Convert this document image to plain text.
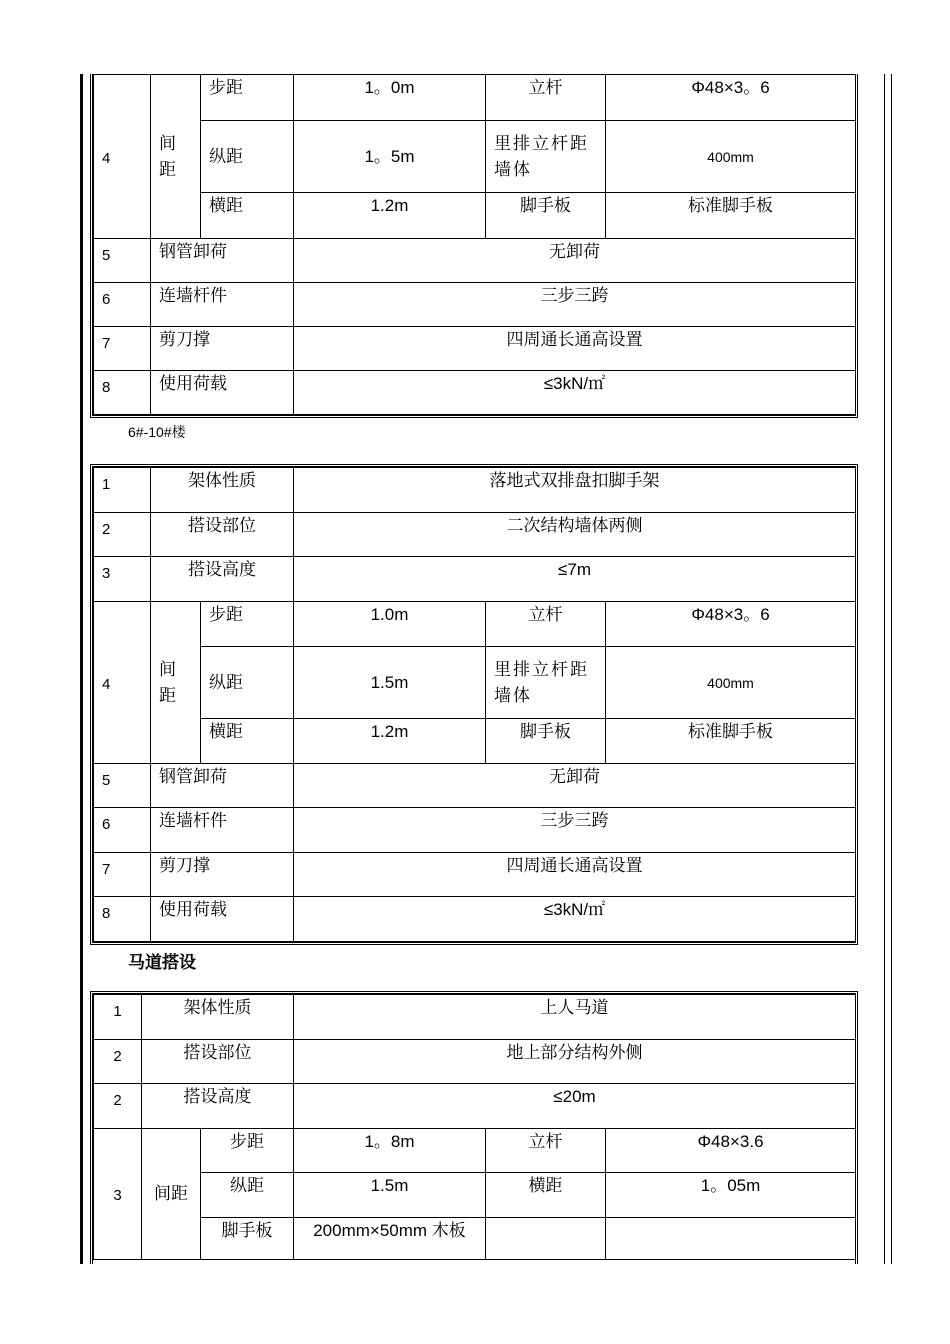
4	间距	步距	1。0m	立杆	Φ48×3。6
		纵距	1。5m	里排立杆距墙体	400mm
		横距	1.2m	脚手板	标准脚手板
5	钢管卸荷		无卸荷		
6	连墙杆件		三步三跨		
7	剪刀撑		四周通长通高设置		
8	使用荷载		≤3kN/㎡		
6#-10#楼
1	架体性质		落地式双排盘扣脚手架		
2	搭设部位		二次结构墙体两侧		
3	搭设高度		≤7m		
4	间距	步距	1.0m	立杆	Φ48×3。6
		纵距	1.5m	里排立杆距墙体	400mm
		横距	1.2m	脚手板	标准脚手板
5	钢管卸荷		无卸荷		
6	连墙杆件		三步三跨		
7	剪刀撑		四周通长通高设置		
8	使用荷载		≤3kN/㎡		
马道搭设
1	架体性质		上人马道		
2	搭设部位		地上部分结构外侧		
2	搭设高度		≤20m		
3	间距	步距	1。8m	立杆	Φ48×3.6
		纵距	1.5m	横距	1。05m
		脚手板	200mm×50mm 木板		
